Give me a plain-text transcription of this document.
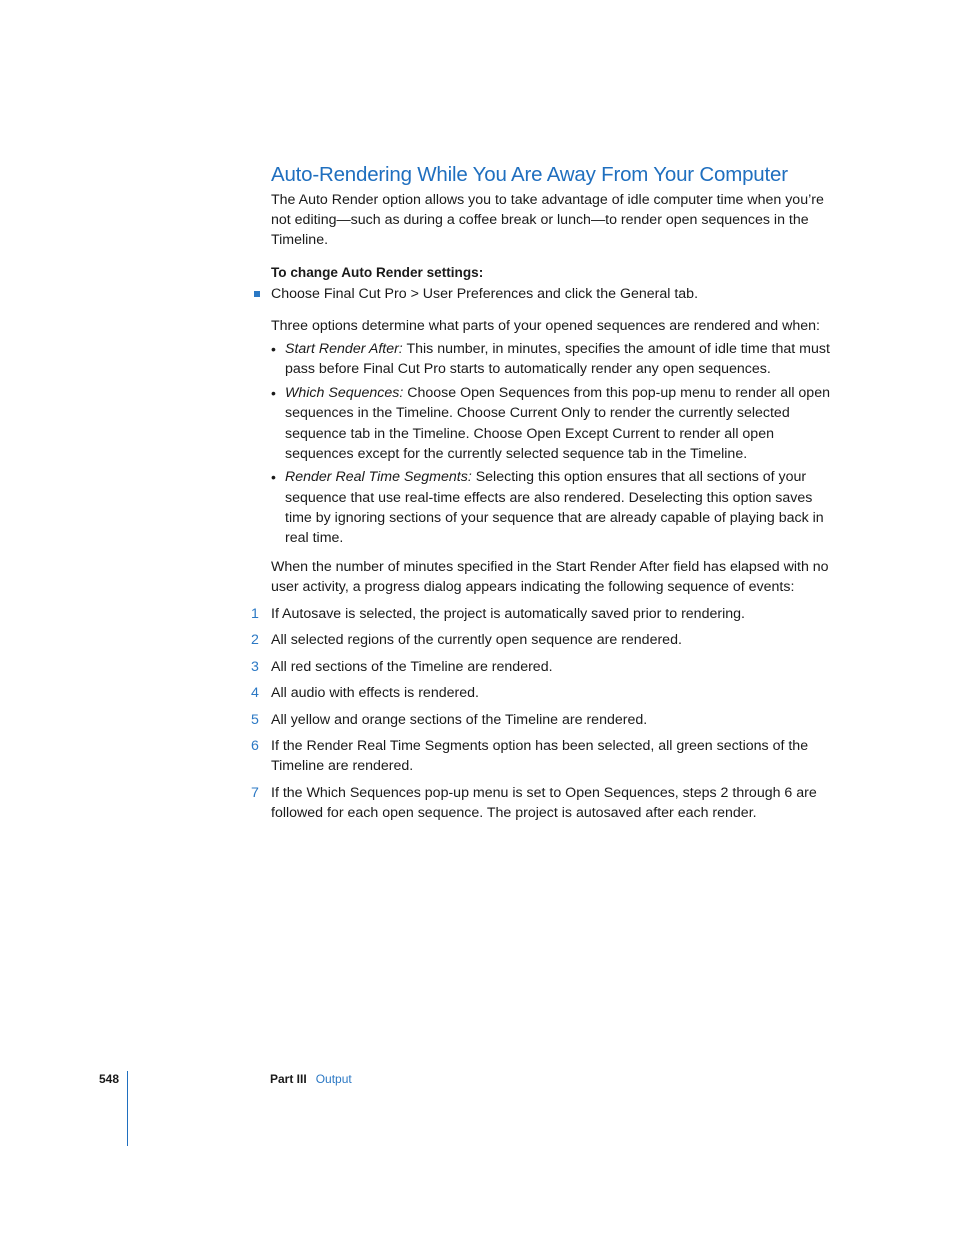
Auto-Rendering While You Are Away From Your Computer

The Auto Render option allows you to take advantage of idle computer time when you’re not editing—such as during a coffee break or lunch—to render open sequences in the Timeline.

To change Auto Render settings:

Choose Final Cut Pro > User Preferences and click the General tab.

Three options determine what parts of your opened sequences are rendered and when:

• Start Render After: This number, in minutes, specifies the amount of idle time that must pass before Final Cut Pro starts to automatically render any open sequences.
• Which Sequences: Choose Open Sequences from this pop-up menu to render all open sequences in the Timeline. Choose Current Only to render the currently selected sequence tab in the Timeline. Choose Open Except Current to render all open sequences except for the currently selected sequence tab in the Timeline.
• Render Real Time Segments: Selecting this option ensures that all sections of your sequence that use real-time effects are also rendered. Deselecting this option saves time by ignoring sections of your sequence that are already capable of playing back in real time.

When the number of minutes specified in the Start Render After field has elapsed with no user activity, a progress dialog appears indicating the following sequence of events:

1 If Autosave is selected, the project is automatically saved prior to rendering.
2 All selected regions of the currently open sequence are rendered.
3 All red sections of the Timeline are rendered.
4 All audio with effects is rendered.
5 All yellow and orange sections of the Timeline are rendered.
6 If the Render Real Time Segments option has been selected, all green sections of the Timeline are rendered.
7 If the Which Sequences pop-up menu is set to Open Sequences, steps 2 through 6 are followed for each open sequence. The project is autosaved after each render.
548	Part III Output
